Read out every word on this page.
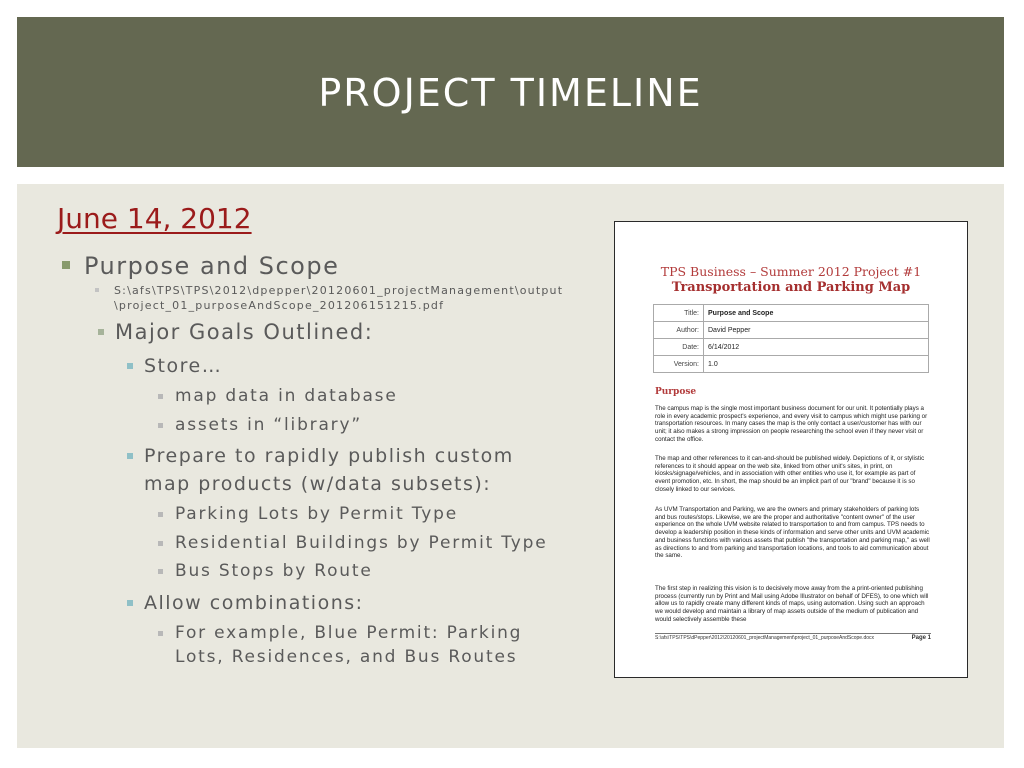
PROJECT TIMELINE
June 14, 2012
Purpose and Scope
S:\afs\TPS\TPS\2012\dpepper\20120601_projectManagement\output
\project_01_purposeAndScope_201206151215.pdf
Major Goals Outlined:
Store…
map data in database
assets in “library”
Prepare to rapidly publish custom
map products (w/data subsets):
Parking Lots by Permit Type
Residential Buildings by Permit Type
Bus Stops by Route
Allow combinations:
For example, Blue Permit: Parking
Lots, Residences, and Bus Routes
TPS Business – Summer 2012 Project #1
Transportation and Parking Map
Title:	Purpose and Scope
Author:	David Pepper
Date:	6/14/2012
Version:	1.0
Purpose
The campus map is the single most important business document for our unit. It potentially plays a role in every academic prospect's experience, and every visit to campus which might use parking or transportation resources. In many cases the map is the only contact a user/customer has with our unit; it also makes a strong impression on people researching the school even if they never visit or contact the office.
The map and other references to it can-and-should be published widely. Depictions of it, or stylistic references to it should appear on the web site, linked from other unit's sites, in print, on kiosks/signage/vehicles, and in association with other entities who use it, for example as part of event promotion, etc. In short, the map should be an implicit part of our "brand" because it is so closely linked to our services.
As UVM Transportation and Parking, we are the owners and primary stakeholders of parking lots and bus routes/stops. Likewise, we are the proper and authoritative "content owner" of the user experience on the whole UVM website related to transportation to and from campus. TPS needs to develop a leadership position in these kinds of information and serve other units and UVM academic and business functions with various assets that publish "the transportation and parking map," as well as directions to and from parking and transportation locations, and tools to aid communication about the same.
The first step in realizing this vision is to decisively move away from the a print-oriented publishing process (currently run by Print and Mail using Adobe Illustrator on behalf of DFES), to one which will allow us to rapidly create many different kinds of maps, using automation. Using such an approach we would develop and maintain a library of map assets outside of the medium of publication and would selectively assemble these
S:\afs\TPS\TPS\dPepper\2012\20120601_projectManagement\project_01_purposeAndScope.docx	Page 1
